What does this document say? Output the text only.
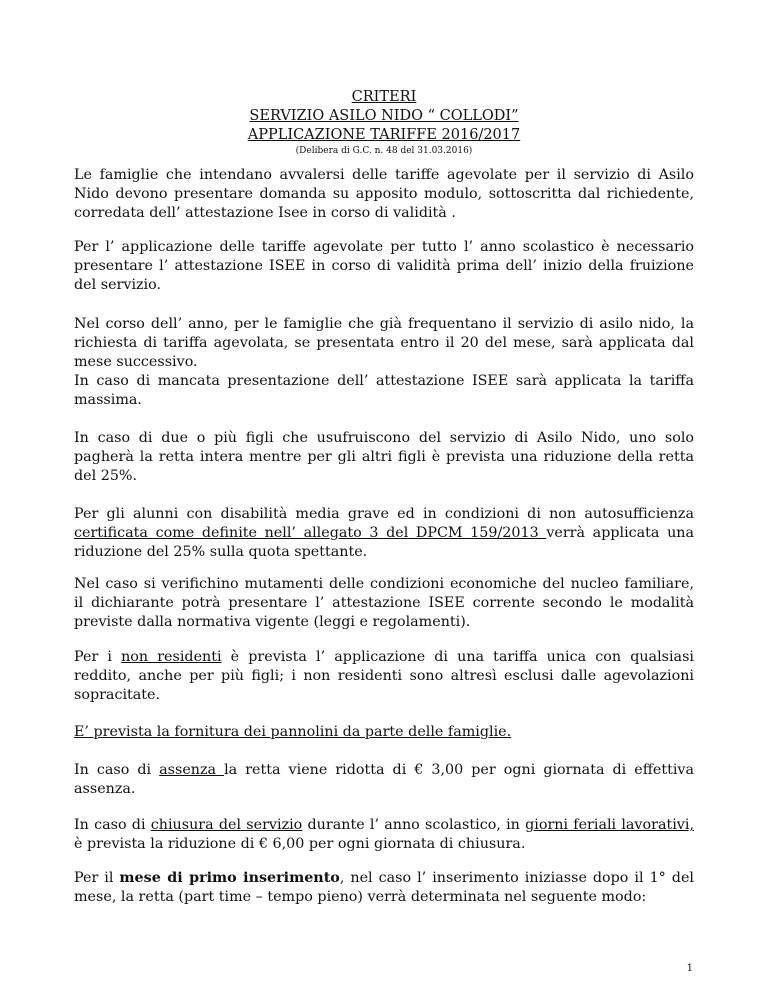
CRITERI
SERVIZIO ASILO NIDO “ COLLODI”
APPLICAZIONE TARIFFE 2016/2017
(Delibera di G.C. n. 48 del 31.03.2016)

Le famiglie che intendano avvalersi delle tariffe agevolate per il servizio di Asilo Nido devono presentare domanda su apposito modulo, sottoscritta dal richiedente, corredata dell’ attestazione Isee in corso di validità .

Per l’ applicazione delle tariffe agevolate per tutto l’ anno scolastico è necessario presentare l’ attestazione ISEE in corso di validità prima dell’ inizio della fruizione del servizio.

Nel corso dell’ anno, per le famiglie che già frequentano il servizio di asilo nido, la richiesta di tariffa agevolata, se presentata entro il 20 del mese, sarà applicata dal mese successivo.
In caso di mancata presentazione dell’ attestazione ISEE sarà applicata la tariffa massima.

In caso di due o più figli che usufruiscono del servizio di Asilo Nido, uno solo pagherà la retta intera mentre per gli altri figli è prevista una riduzione della retta del 25%.

Per gli alunni con disabilità media grave ed in condizioni di non autosufficienza certificata come definite nell’ allegato 3 del DPCM 159/2013 verrà applicata una riduzione del 25% sulla quota spettante.

Nel caso si verifichino mutamenti delle condizioni economiche del nucleo familiare, il dichiarante potrà presentare l’ attestazione ISEE corrente secondo le modalità previste dalla normativa vigente (leggi e regolamenti).

Per i non residenti è prevista l’ applicazione di una tariffa unica con qualsiasi reddito, anche per più figli; i non residenti sono altresì esclusi dalle agevolazioni sopracitate.

E’ prevista la fornitura dei pannolini da parte delle famiglie.

In caso di assenza la retta viene ridotta di € 3,00 per ogni giornata di effettiva assenza.

In caso di chiusura del servizio durante l’ anno scolastico, in giorni feriali lavorativi, è prevista la riduzione di € 6,00 per ogni giornata di chiusura.

Per il mese di primo inserimento, nel caso l’ inserimento iniziasse dopo il 1° del mese, la retta (part time – tempo pieno) verrà determinata nel seguente modo:

1
